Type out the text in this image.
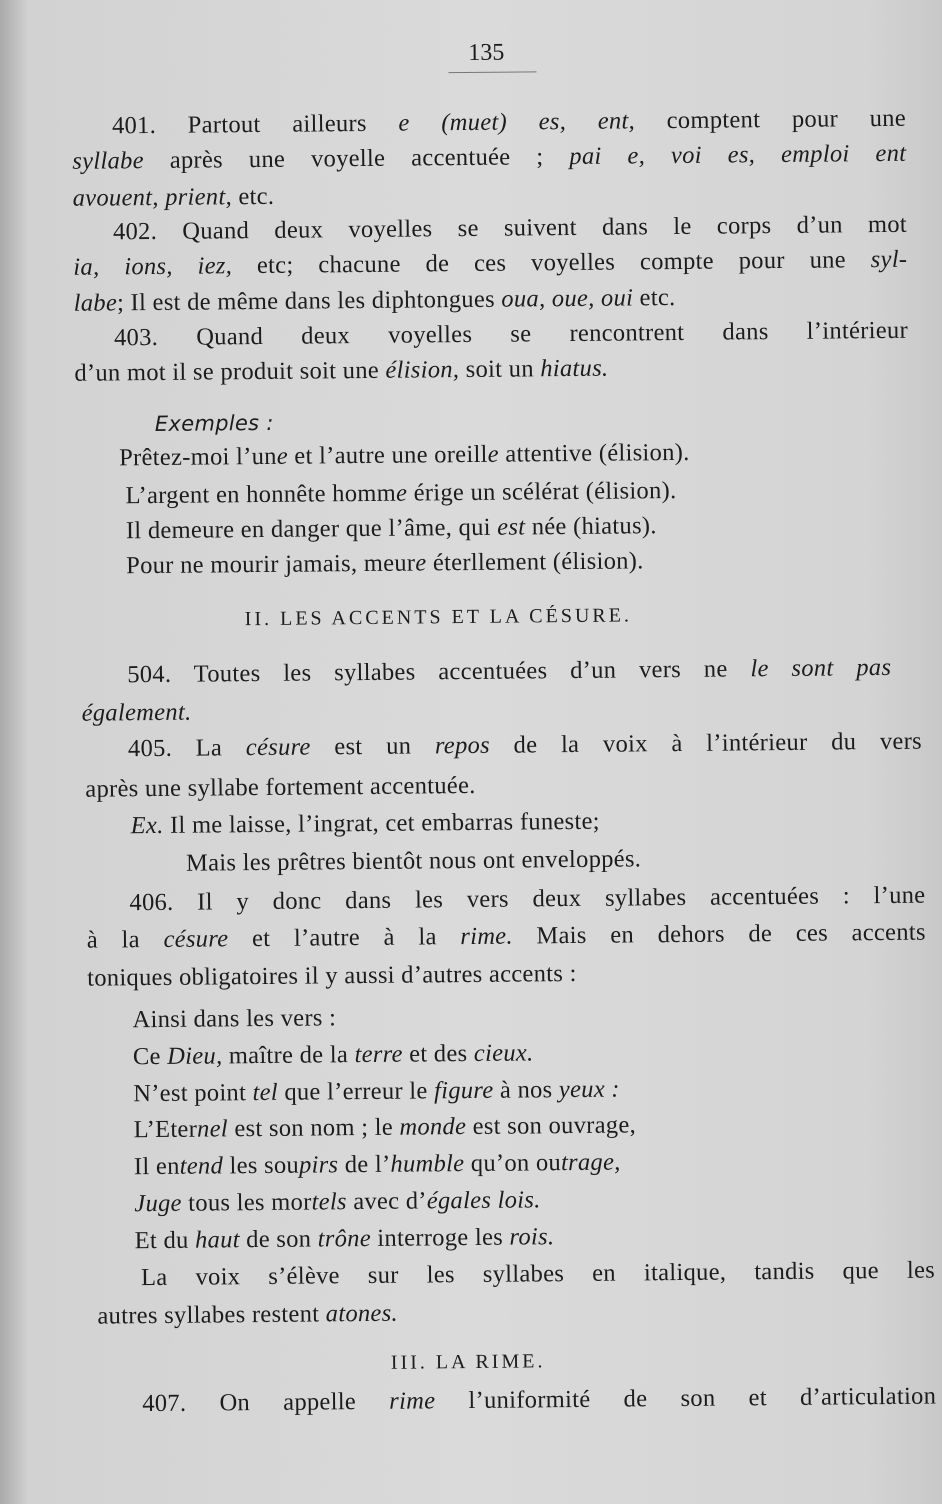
135
401. Partout ailleurs e (muet) es, ent, comptent pour une
syllabe après une voyelle accentuée ; pai e, voi es, emploi ent
avouent, prient, etc.
402. Quand deux voyelles se suivent dans le corps d’un mot
ia, ions, iez, etc; chacune de ces voyelles compte pour une syl-
labe; Il est de même dans les diphtongues oua, oue, oui etc.
403. Quand deux voyelles se rencontrent dans l’intérieur
d’un mot il se produit soit une élision, soit un hiatus.
Exemples :
Prêtez-moi l’une et l’autre une oreille attentive (élision).
L’argent en honnête homme érige un scélérat (élision).
Il demeure en danger que l’âme, qui est née (hiatus).
Pour ne mourir jamais, meure éterllement (élision).
II. LES ACCENTS ET LA CÉSURE.
504. Toutes les syllabes accentuées d’un vers ne le sont pas
également.
405. La césure est un repos de la voix à l’intérieur du vers
après une syllabe fortement accentuée.
Ex. Il me laisse, l’ingrat, cet embarras funeste;
Mais les prêtres bientôt nous ont enveloppés.
406. Il y donc dans les vers deux syllabes accentuées : l’une
à la césure et l’autre à la rime. Mais en dehors de ces accents
toniques obligatoires il y aussi d’autres accents :
Ainsi dans les vers :
Ce Dieu, maître de la terre et des cieux.
N’est point tel que l’erreur le figure à nos yeux :
L’Eternel est son nom ; le monde est son ouvrage,
Il entend les soupirs de l’humble qu’on outrage,
Juge tous les mortels avec d’égales lois.
Et du haut de son trône interroge les rois.
La voix s’élève sur les syllabes en italique, tandis que les
autres syllabes restent atones.
III. LA RIME.
407. On appelle rime l’uniformité de son et d’articulation
